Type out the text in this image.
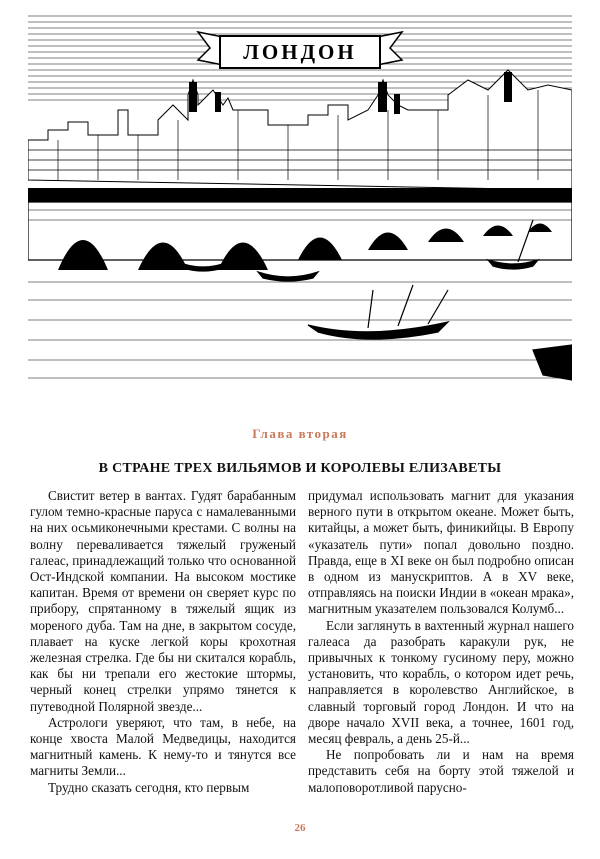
ЛОНДОН
Глава вторая
В СТРАНЕ ТРЕХ ВИЛЬЯМОВ И КОРОЛЕВЫ ЕЛИЗАВЕТЫ

Свистит ветер в вантах. Гудят барабанным гулом темно-красные паруса с намалеванными на них осьмиконечными крестами. С волны на волну переваливается тяжелый груженый галеас, принадлежащий только что основанной Ост-Индской компании. На высоком мостике капитан. Время от времени он сверяет курс по прибору, спрятанному в тяжелый ящик из мореного дуба. Там на дне, в закрытом сосуде, плавает на куске легкой коры крохотная железная стрелка. Где бы ни скитался корабль, как бы ни трепали его жестокие штормы, черный конец стрелки упрямо тянется к путеводной Полярной звезде...

Астрологи уверяют, что там, в небе, на конце хвоста Малой Медведицы, находится магнитный камень. К нему-то и тянутся все магниты Земли...

Трудно сказать сегодня, кто первым

придумал использовать магнит для указания верного пути в открытом океане. Может быть, китайцы, а может быть, финикийцы. В Европу «указатель пути» попал довольно поздно. Правда, еще в XI веке он был подробно описан в одном из манускриптов. А в XV веке, отправляясь на поиски Индии в «океан мрака», магнитным указателем пользовался Колумб...

Если заглянуть в вахтенный журнал нашего галеаса да разобрать каракули рук, не привычных к тонкому гусиному перу, можно установить, что корабль, о котором идет речь, направляется в королевство Английское, в славный торговый город Лондон. И что на дворе начало XVII века, а точнее, 1601 год, месяц февраль, а день 25-й...

Не попробовать ли и нам на время представить себя на борту этой тяжелой и малоповоротливой парусно-

26
